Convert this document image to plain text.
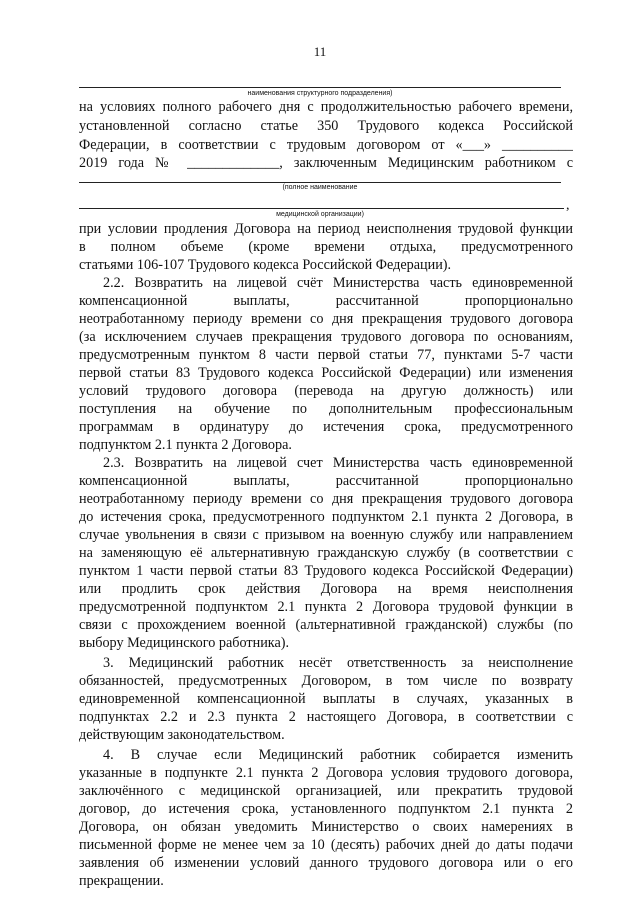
11
наименования структурного подразделения)
на условиях полного рабочего дня с продолжительностью рабочего времени,
установленной согласно статье 350 Трудового кодекса Российской
Федерации, в соответствии с трудовым договором от «___» __________
2019 года № _____________, заключенным Медицинским работником с
(полное наименование
,
медицинской организации)
при условии продления Договора на период неисполнения трудовой функции
в полном объеме (кроме времени отдыха, предусмотренного
статьями 106-107 Трудового кодекса Российской Федерации).
2.2. Возвратить на лицевой счёт Министерства часть единовременной
компенсационной выплаты, рассчитанной пропорционально
неотработанному периоду времени со дня прекращения трудового договора
(за исключением случаев прекращения трудового договора по основаниям,
предусмотренным пунктом 8 части первой статьи 77, пунктами 5-7 части
первой статьи 83 Трудового кодекса Российской Федерации) или изменения
условий трудового договора (перевода на другую должность) или
поступления на обучение по дополнительным профессиональным
программам в ординатуру до истечения срока, предусмотренного
подпунктом 2.1 пункта 2 Договора.
2.3. Возвратить на лицевой счет Министерства часть единовременной
компенсационной выплаты, рассчитанной пропорционально
неотработанному периоду времени со дня прекращения трудового договора
до истечения срока, предусмотренного подпунктом 2.1 пункта 2 Договора, в
случае увольнения в связи с призывом на военную службу или направлением
на заменяющую её альтернативную гражданскую службу (в соответствии с
пунктом 1 части первой статьи 83 Трудового кодекса Российской Федерации)
или продлить срок действия Договора на время неисполнения
предусмотренной подпунктом 2.1 пункта 2 Договора трудовой функции в
связи с прохождением военной (альтернативной гражданской) службы (по
выбору Медицинского работника).
3. Медицинский работник несёт ответственность за неисполнение
обязанностей, предусмотренных Договором, в том числе по возврату
единовременной компенсационной выплаты в случаях, указанных в
подпунктах 2.2 и 2.3 пункта 2 настоящего Договора, в соответствии с
действующим законодательством.
4. В случае если Медицинский работник собирается изменить
указанные в подпункте 2.1 пункта 2 Договора условия трудового договора,
заключённого с медицинской организацией, или прекратить трудовой
договор, до истечения срока, установленного подпунктом 2.1 пункта 2
Договора, он обязан уведомить Министерство о своих намерениях в
письменной форме не менее чем за 10 (десять) рабочих дней до даты подачи
заявления об изменении условий данного трудового договора или о его
прекращении.
